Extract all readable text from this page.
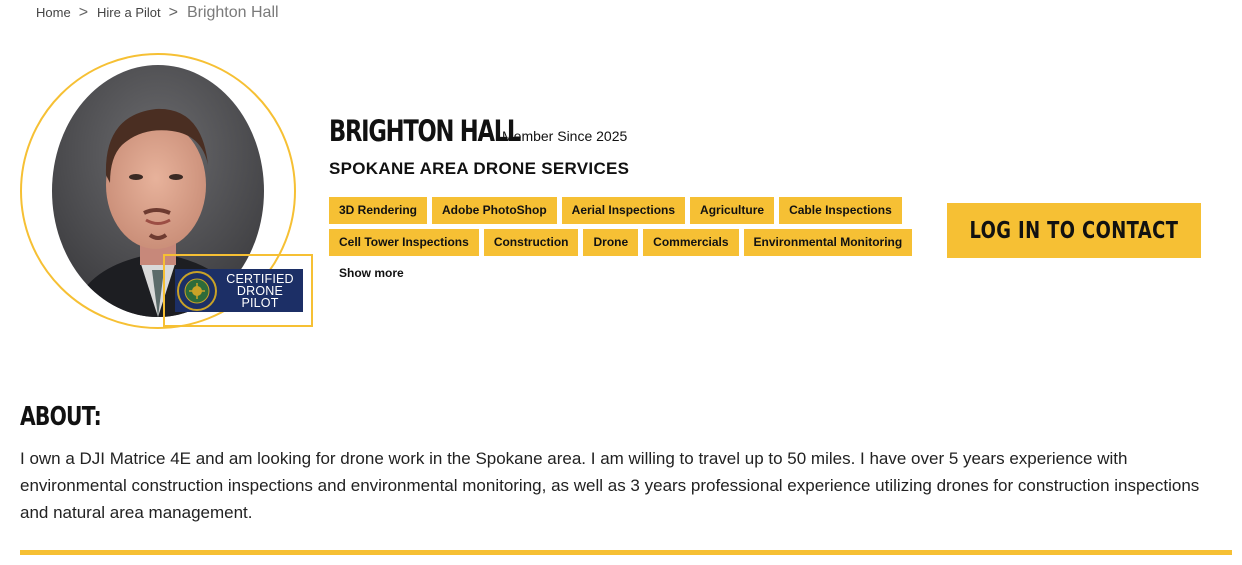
Home > Hire a Pilot > Brighton Hall
CERTIFIED
DRONE
PILOT
BRIGHTON HALL
Member Since 2025
SPOKANE AREA DRONE SERVICES
3D Rendering	Adobe PhotoShop	Aerial Inspections	Agriculture	Cable Inspections
Cell Tower Inspections	Construction	Drone	Commercials	Environmental Monitoring
Show more
LOG IN TO CONTACT
ABOUT:

I own a DJI Matrice 4E and am looking for drone work in the Spokane area. I am willing to travel up to 50 miles. I have over 5 years experience with environmental construction inspections and environmental monitoring, as well as 3 years professional experience utilizing drones for construction inspections and natural area management.
